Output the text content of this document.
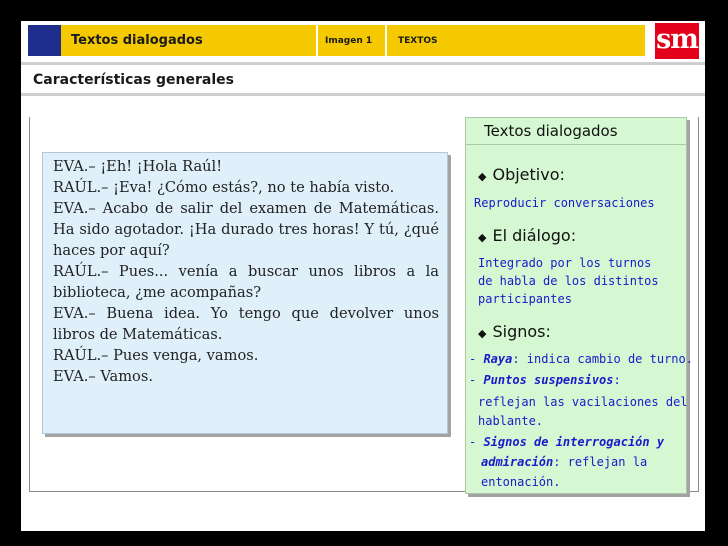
Textos dialogados	Imagen 1	TEXTOS	sm
Características generales

EVA.– ¡Eh! ¡Hola Raúl!

RAÚL.– ¡Eva! ¿Cómo estás?, no te había visto.

EVA.– Acabo de salir del examen de Matemáticas. Ha sido agotador. ¡Ha durado tres horas! Y tú, ¿qué haces por aquí?

RAÚL.– Pues... venía a buscar unos libros a la biblioteca, ¿me acompañas?

EVA.– Buena idea. Yo tengo que devolver unos libros de Matemáticas.

RAÚL.– Pues venga, vamos.

EVA.– Vamos.

Textos dialogados
◆ Objetivo:
Reproducir conversaciones
◆ El diálogo:
Integrado por los turnos
de habla de los distintos
participantes
◆ Signos:
- Raya: indica cambio de turno.
- Puntos suspensivos:
reflejan las vacilaciones del
hablante.
- Signos de interrogación y
admiración: reflejan la
entonación.
